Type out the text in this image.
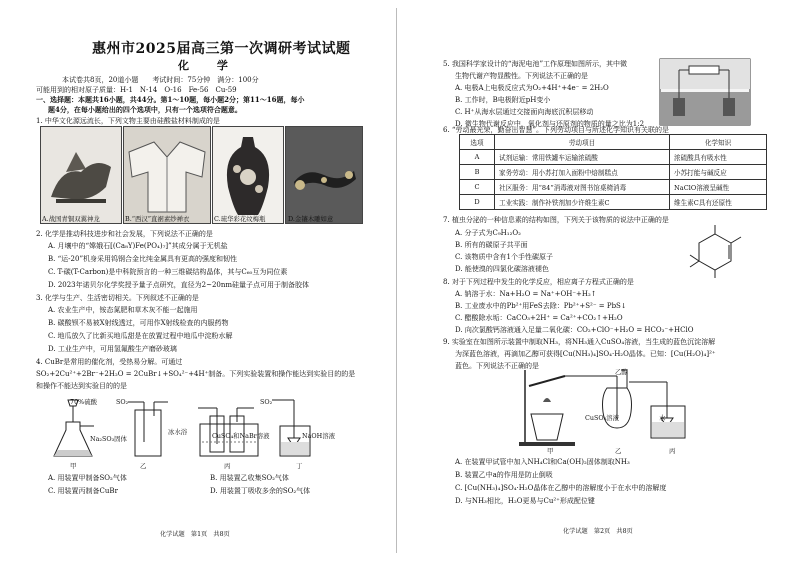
惠州市2025届高三第一次调研考试试题
化 学
本试卷共8页，20道小题　　考试时间：75分钟　满分：100分
可能用到的相对原子质量：H-1　N-14　O-16　Fe-56　Cu-59
一、选择题：本题共16小题，共44分。第1～10题，每小题2分；第11～16题，每小
题4分，在每小题给出的四个选项中，只有一个选项符合题意。
1. 中华文化源远流长，下列文物主要由硅酸盐材料制成的是
A.战国青铜双翼神龙	B.“西汉”直裾素纱禅衣	C.琉华彩花纹梅瓶	D.金镶木雕如意
2. 化学是推动科技进步和社会发展，下列说法不正确的是
A. 月壤中的“嫦娥石[(Ca₈Y)Fe(PO₄)₇]”其成分属于无机盐
B. “运-20”机身采用钨钢合金比纯金属具有更高的强度和韧性
C. T-碳(T-Carbon)是中科院预言的一种三维碳结构晶体，其与C₆₀互为同位素
D. 2023年诺贝尔化学奖授予量子点研究，直径为2~20nm硅量子点可用于制备胶体
3. 化学与生产、生活密切相关。下列叙述不正确的是
A. 农业生产中，铵态氮肥和草木灰不能一起施用
B. 碳酸钡不易被X射线透过，可用作X射线检查的内服药物
C. 地瓜放久了比新买地瓜甜是在放置过程中地瓜中淀粉水解
D. 工业生产中，可用氢氟酸生产磨砂玻璃
4. CuBr是常用的催化剂，受热易分解。可通过
SO₂+2Cu²⁺+2Br⁻+2H₂O = 2CuBr↓+SO₄²⁻+4H⁺制备。下列实验装置和操作能达到实验目的的是
和操作不能达到实验目的的是
70%硫酸
Na₂SO₃固体
SO₂
冰水浴	CuSO₄和NaBr溶液
SO₂
NaOH溶液
甲	乙	丙	丁
A. 用装置甲制备SO₂气体	B. 用装置乙收集SO₂气体
C. 用装置丙制备CuBr	D. 用装置丁吸收多余的SO₂气体
化学试题　第1页　共8页
5. 我国科学家设计的“海泥电池”工作原理如图所示，其中微
生物代谢产物显酸性。下列说法不正确的是
A. 电极A上电极反应式为O₂+4H⁺+4e⁻ = 2H₂O
B. 工作时，B电极附近pH变小
C. H⁺从海水层通过交接面向海底沉积层移动
D. 微生物代谢反应中，氧化剂与还原剂的物质的量之比为1:2
6. “劳动最光荣，勤奋出智慧”。下列劳动项目与所述化学知识有关联的是
选项	劳动项目	化学知识
A	试剂运输：常用铁罐车运输浓硫酸	浓硫酸具有吸水性
B	家务劳动：用小苏打加入面粉中焙制糕点	小苏打能与碱反应
C	社区服务：用“84”消毒液对图书馆桌椅消毒	NaClO溶液呈碱性
D	工业实践：制作补铁剂加少许维生素C	维生素C具有还原性
7. 植虫分泌的一种信息素的结构如图，下列关于该物质的说法中正确的是
A. 分子式为C₉H₁₂O₂
B. 所有的碳原子共平面
C. 该物质中含有1个手性碳原子
D. 能使溴的四氯化碳溶液褪色
8. 对于下列过程中发生的化学反应，相应离子方程式正确的是
A. 钠溶于水：Na+H₂O = Na⁺+OH⁻+H₂↑
B. 工业废水中的Pb²⁺用FeS去除：Pb²⁺+S²⁻ = PbS↓
C. 醋酸除水垢：CaCO₃+2H⁺ = Ca²⁺+CO₂↑+H₂O
D. 向次氯酸钙溶液通入足量二氧化碳：CO₂+ClO⁻+H₂O = HCO₃⁻+HClO
9. 实验室在如图所示装置中制取NH₃，将NH₃通入CuSO₄溶液，当生成的蓝色沉淀溶解
为深蓝色溶液，再滴加乙醇可获得[Cu(NH₃)₄]SO₄·H₂O晶体。已知：[Cu(H₂O)₄]²⁺
蓝色。下列说法不正确的是
乙醇
CuSO₄溶液	水
甲	乙	丙
A. 在装置甲试管中加入NH₄Cl和Ca(OH)₂固体制取NH₃
B. 装置乙中a的作用是防止倒吸
C. [Cu(NH₃)₄]SO₄·H₂O晶体在乙醇中的溶解度小于在水中的溶解度
D. 与NH₃相比，H₂O更易与Cu²⁺形成配位键
化学试题　第2页　共8页
